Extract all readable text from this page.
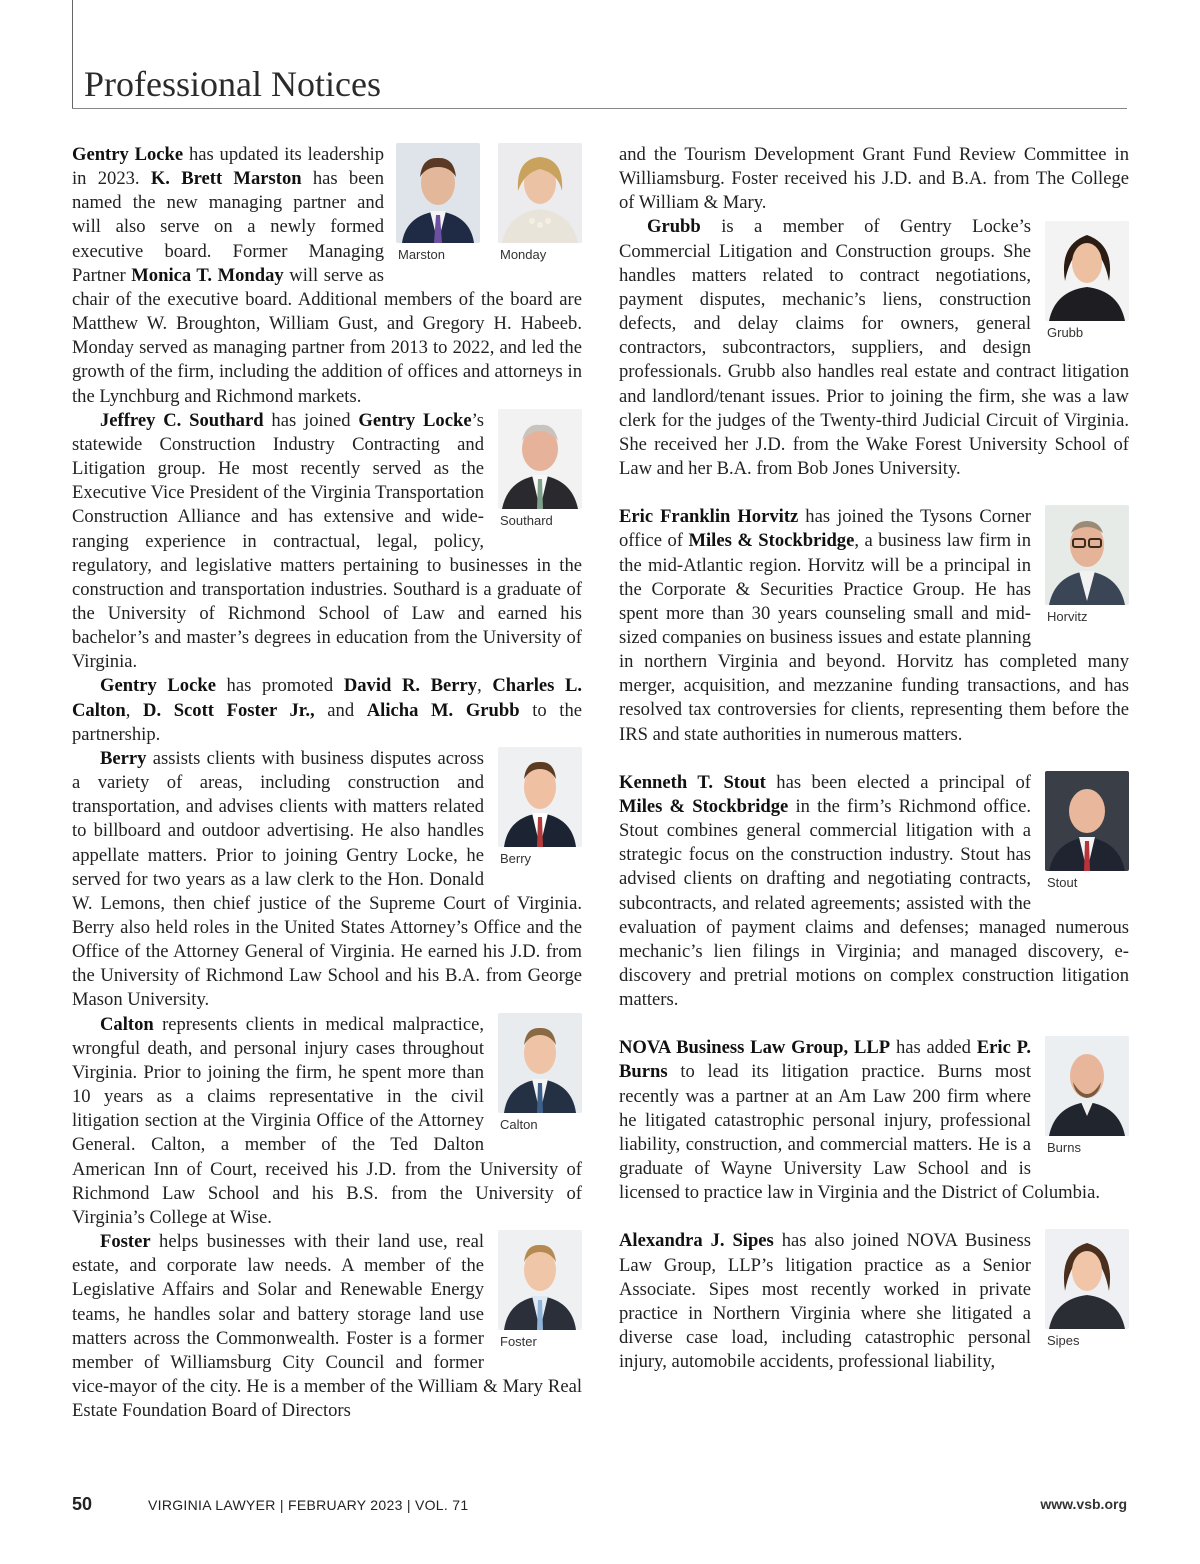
Professional Notices
Marston	Monday

Gentry Locke has updated its leadership in 2023. K. Brett Marston has been named the new managing partner and will also serve on a newly formed executive board. Former Managing Partner Monica T. Monday will serve as chair of the executive board. Additional members of the board are Matthew W. Broughton, William Gust, and Gregory H. Habeeb. Monday served as managing partner from 2013 to 2022, and led the growth of the firm, including the addition of offices and attorneys in the Lynchburg and Richmond markets.

Southard

Jeffrey C. Southard has joined Gentry Locke’s statewide Construction Industry Contracting and Litigation group. He most recently served as the Executive Vice President of the Virginia Transportation Construction Alliance and has extensive and wide-ranging experience in contractual, legal, policy, regulatory, and legislative matters pertaining to businesses in the construction and transportation industries. Southard is a graduate of the University of Richmond School of Law and earned his bachelor’s and master’s degrees in education from the University of Virginia.

Gentry Locke has promoted David R. Berry, Charles L. Calton, D. Scott Foster Jr., and Alicha M. Grubb to the partnership.

Berry

Berry assists clients with business disputes across a variety of areas, including construction and transportation, and advises clients with matters related to billboard and outdoor advertising. He also handles appellate matters. Prior to joining Gentry Locke, he served for two years as a law clerk to the Hon. Donald W. Lemons, then chief justice of the Supreme Court of Virginia. Berry also held roles in the United States Attorney’s Office and the Office of the Attorney General of Virginia. He earned his J.D. from the University of Richmond Law School and his B.A. from George Mason University.

Calton

Calton represents clients in medical malpractice, wrongful death, and personal injury cases throughout Virginia. Prior to joining the firm, he spent more than 10 years as a claims representative in the civil litigation section at the Virginia Office of the Attorney General. Calton, a member of the Ted Dalton American Inn of Court, received his J.D. from the University of Richmond Law School and his B.S. from the University of Virginia’s College at Wise.

Foster

Foster helps businesses with their land use, real estate, and corporate law needs. A member of the Legislative Affairs and Solar and Renewable Energy teams, he handles solar and battery storage land use matters across the Commonwealth. Foster is a former member of Williamsburg City Council and former vice-mayor of the city. He is a member of the William & Mary Real Estate Foundation Board of Directors

and the Tourism Development Grant Fund Review Committee in Williamsburg. Foster received his J.D. and B.A. from The College of William & Mary.

Grubb

Grubb is a member of Gentry Locke’s Commercial Litigation and Construction groups. She handles matters related to contract negotiations, payment disputes, mechanic’s liens, construction defects, and delay claims for owners, general contractors, subcontractors, suppliers, and design professionals. Grubb also handles real estate and contract litigation and landlord/tenant issues. Prior to joining the firm, she was a law clerk for the judges of the Twenty-third Judicial Circuit of Virginia. She received her J.D. from the Wake Forest University School of Law and her B.A. from Bob Jones University.

Horvitz

Eric Franklin Horvitz has joined the Tysons Corner office of Miles & Stockbridge, a business law firm in the mid-Atlantic region. Horvitz will be a principal in the Corporate & Securities Practice Group. He has spent more than 30 years counseling small and mid-sized companies on business issues and estate planning in northern Virginia and beyond. Horvitz has completed many merger, acquisition, and mezzanine funding transactions, and has resolved tax controversies for clients, representing them before the IRS and state authorities in numerous matters.

Stout

Kenneth T. Stout has been elected a principal of Miles & Stockbridge in the firm’s Richmond office. Stout combines general commercial litigation with a strategic focus on the construction industry. Stout has advised clients on drafting and negotiating contracts, subcontracts, and related agreements; assisted with the evaluation of payment claims and defenses; managed numerous mechanic’s lien filings in Virginia; and managed discovery, e-discovery and pretrial motions on complex construction litigation matters.

Burns

NOVA Business Law Group, LLP has added Eric P. Burns to lead its litigation practice. Burns most recently was a partner at an Am Law 200 firm where he litigated catastrophic personal injury, professional liability, construction, and commercial matters. He is a graduate of Wayne University Law School and is licensed to practice law in Virginia and the District of Columbia.

Sipes

Alexandra J. Sipes has also joined NOVA Business Law Group, LLP’s litigation practice as a Senior Associate. Sipes most recently worked in private practice in Northern Virginia where she litigated a diverse case load, including catastrophic personal injury, automobile accidents, professional liability,

50	VIRGINIA LAWYER | FEBRUARY 2023 | VOL. 71	www.vsb.org
